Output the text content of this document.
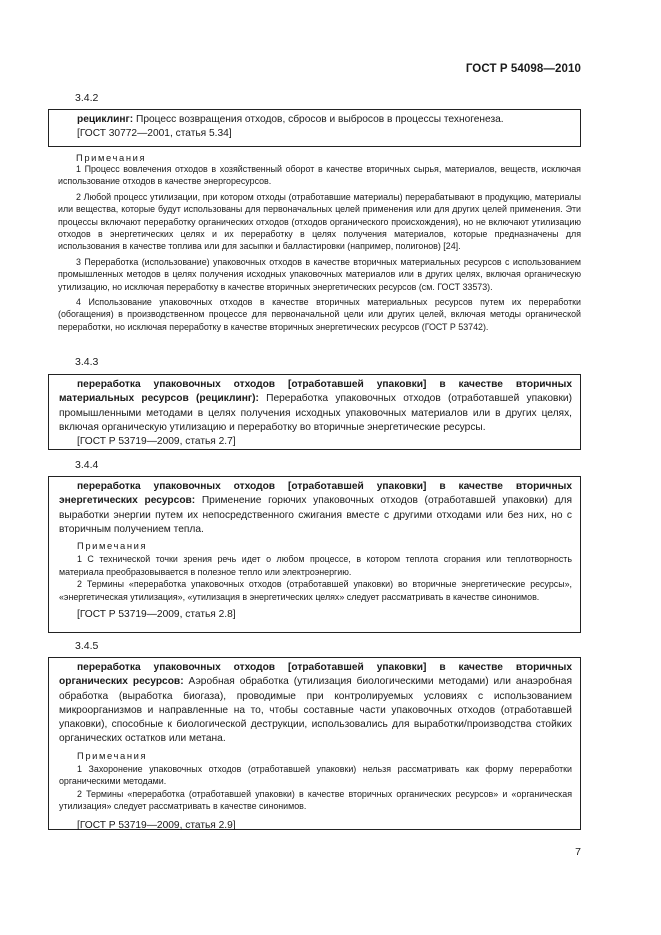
ГОСТ Р 54098—2010
3.4.2

рециклинг: Процесс возвращения отходов, сбросов и выбросов в процессы техногенеза.

[ГОСТ 30772—2001, статья 5.34]

Примечания

1 Процесс вовлечения отходов в хозяйственный оборот в качестве вторичных сырья, материалов, веществ, исключая использование отходов в качестве энергоресурсов.

2 Любой процесс утилизации, при котором отходы (отработавшие материалы) перерабатывают в продукцию, материалы или вещества, которые будут использованы для первоначальных целей применения или для других целей применения. Эти процессы включают переработку органических отходов (отходов органического происхождения), но не включают утилизацию отходов в энергетических целях и их переработку в целях получения материалов, которые предназначены для использования в качестве топлива или для засыпки и балластировки (например, полигонов) [24].

3 Переработка (использование) упаковочных отходов в качестве вторичных материальных ресурсов с использованием промышленных методов в целях получения исходных упаковочных материалов или в других целях, включая органическую утилизацию, но исключая переработку в качестве вторичных энергетических ресурсов (см. ГОСТ 33573).

4 Использование упаковочных отходов в качестве вторичных материальных ресурсов путем их переработки (обогащения) в производственном процессе для первоначальной цели или других целей, включая методы органической переработки, но исключая переработку в качестве вторичных энергетических ресурсов (ГОСТ Р 53742).

3.4.3

переработка упаковочных отходов [отработавшей упаковки] в качестве вторичных материальных ресурсов (рециклинг): Переработка упаковочных отходов (отработавшей упаковки) промышленными методами в целях получения исходных упаковочных материалов или в других целях, включая органическую утилизацию и переработку во вторичные энергетические ресурсы.

[ГОСТ Р 53719—2009, статья 2.7]

3.4.4

переработка упаковочных отходов [отработавшей упаковки] в качестве вторичных энергетических ресурсов: Применение горючих упаковочных отходов (отработавшей упаковки) для выработки энергии путем их непосредственного сжигания вместе с другими отходами или без них, но с вторичным получением тепла.

Примечания

1 С технической точки зрения речь идет о любом процессе, в котором теплота сгорания или теплотворность материала преобразовывается в полезное тепло или электроэнергию.

2 Термины «переработка упаковочных отходов (отработавшей упаковки) во вторичные энергетические ресурсы», «энергетическая утилизация», «утилизация в энергетических целях» следует рассматривать в качестве синонимов.

[ГОСТ Р 53719—2009, статья 2.8]

3.4.5

переработка упаковочных отходов [отработавшей упаковки] в качестве вторичных органических ресурсов: Аэробная обработка (утилизация биологическими методами) или анаэробная обработка (выработка биогаза), проводимые при контролируемых условиях с использованием микроорганизмов и направленные на то, чтобы составные части упаковочных отходов (отработавшей упаковки), способные к биологической деструкции, использовались для выработки/производства стойких органических остатков или метана.

Примечания

1 Захоронение упаковочных отходов (отработавшей упаковки) нельзя рассматривать как форму переработки органическими методами.

2 Термины «переработка (отработавшей упаковки) в качестве вторичных органических ресурсов» и «органическая утилизация» следует рассматривать в качестве синонимов.

[ГОСТ Р 53719—2009, статья 2.9]

7
